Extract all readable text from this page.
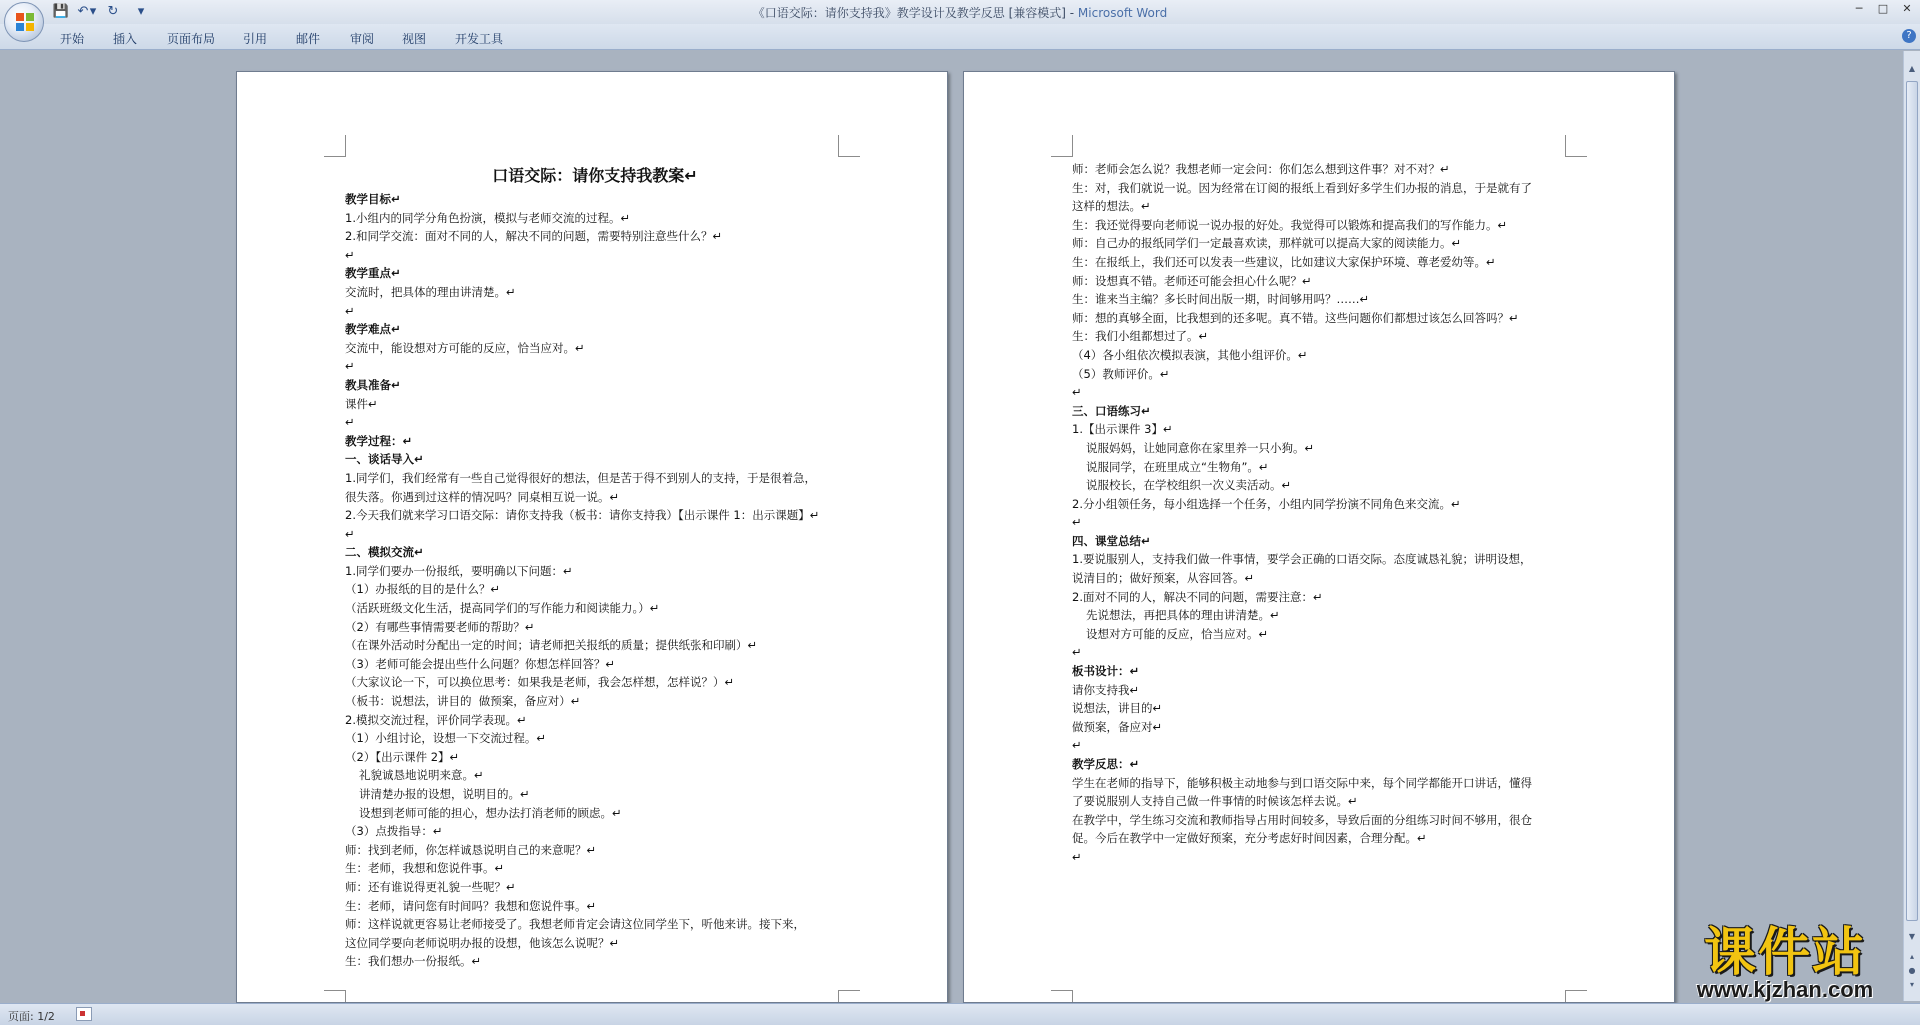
💾 ↶ ▾ ↻ ▾	《口语交际：请你支持我》教学设计及教学反思 [兼容模式] - Microsoft Word	─	□	✕
开始 插入 页面布局 引用 邮件 审阅 视图 开发工具	?
▲
▼
▴
●
▾
口语交际：请你支持我教案↵
教学目标↵
1.小组内的同学分角色扮演，模拟与老师交流的过程。↵
2.和同学交流：面对不同的人，解决不同的问题，需要特别注意些什么？↵
↵
教学重点↵
交流时，把具体的理由讲清楚。↵
↵
教学难点↵
交流中，能设想对方可能的反应，恰当应对。↵
↵
教具准备↵
课件↵
↵
教学过程：↵
一、谈话导入↵
1.同学们，我们经常有一些自己觉得很好的想法，但是苦于得不到别人的支持，于是很着急，
很失落。你遇到过这样的情况吗？同桌相互说一说。↵
2.今天我们就来学习口语交际：请你支持我（板书：请你支持我）【出示课件 1：出示课题】↵
↵
二、模拟交流↵
1.同学们要办一份报纸，要明确以下问题：↵
（1）办报纸的目的是什么？↵
（活跃班级文化生活，提高同学们的写作能力和阅读能力。）↵
（2）有哪些事情需要老师的帮助？↵
（在课外活动时分配出一定的时间；请老师把关报纸的质量；提供纸张和印刷）↵
（3）老师可能会提出些什么问题？你想怎样回答？↵
（大家议论一下，可以换位思考：如果我是老师，我会怎样想，怎样说？）↵
（板书：说想法，讲目的  做预案，备应对）↵
2.模拟交流过程，评价同学表现。↵
（1）小组讨论，设想一下交流过程。↵
（2）【出示课件 2】↵
礼貌诚恳地说明来意。↵
讲清楚办报的设想，说明目的。↵
设想到老师可能的担心，想办法打消老师的顾虑。↵
（3）点拨指导：↵
师：找到老师，你怎样诚恳说明自己的来意呢？↵
生：老师，我想和您说件事。↵
师：还有谁说得更礼貌一些呢？↵
生：老师，请问您有时间吗？我想和您说件事。↵
师：这样说就更容易让老师接受了。我想老师肯定会请这位同学坐下，听他来讲。接下来，
这位同学要向老师说明办报的设想，他该怎么说呢？↵
生：我们想办一份报纸。↵
师：老师会怎么说？我想老师一定会问：你们怎么想到这件事？对不对？↵
生：对，我们就说一说。因为经常在订阅的报纸上看到好多学生们办报的消息，于是就有了
这样的想法。↵
生：我还觉得要向老师说一说办报的好处。我觉得可以锻炼和提高我们的写作能力。↵
师：自己办的报纸同学们一定最喜欢读，那样就可以提高大家的阅读能力。↵
生：在报纸上，我们还可以发表一些建议，比如建议大家保护环境、尊老爱幼等。↵
师：设想真不错。老师还可能会担心什么呢？↵
生：谁来当主编？多长时间出版一期，时间够用吗？……↵
师：想的真够全面，比我想到的还多呢。真不错。这些问题你们都想过该怎么回答吗？↵
生：我们小组都想过了。↵
（4）各小组依次模拟表演，其他小组评价。↵
（5）教师评价。↵
↵
三、口语练习↵
1.【出示课件 3】↵
说服妈妈，让她同意你在家里养一只小狗。↵
说服同学，在班里成立“生物角”。↵
说服校长，在学校组织一次义卖活动。↵
2.分小组领任务，每小组选择一个任务，小组内同学扮演不同角色来交流。↵
↵
四、课堂总结↵
1.要说服别人，支持我们做一件事情，要学会正确的口语交际。态度诚恳礼貌；讲明设想，
说清目的；做好预案，从容回答。↵
2.面对不同的人，解决不同的问题，需要注意：↵
先说想法，再把具体的理由讲清楚。↵
设想对方可能的反应，恰当应对。↵
↵
板书设计：↵
请你支持我↵
说想法，讲目的↵
做预案，备应对↵
↵
教学反思：↵
学生在老师的指导下，能够积极主动地参与到口语交际中来，每个同学都能开口讲话，懂得
了要说服别人支持自己做一件事情的时候该怎样去说。↵
在教学中，学生练习交流和教师指导占用时间较多，导致后面的分组练习时间不够用，很仓
促。今后在教学中一定做好预案，充分考虑好时间因素，合理分配。↵
↵
页面: 1/2
课件站
www.kjzhan.com
